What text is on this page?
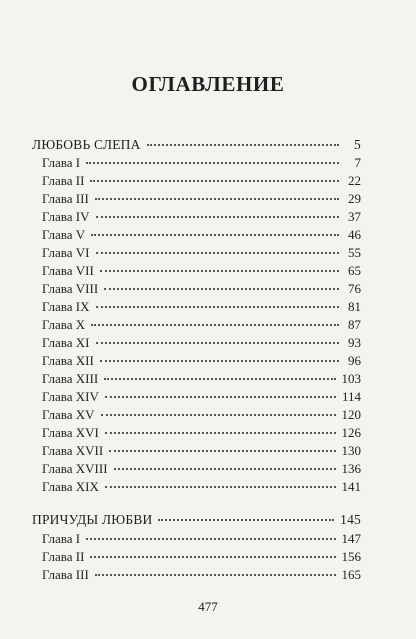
ОГЛАВЛЕНИЕ
ЛЮБОВЬ СЛЕПА	5
Глава I	7
Глава II	22
Глава III	29
Глава IV	37
Глава V	46
Глава VI	55
Глава VII	65
Глава VIII	76
Глава IX	81
Глава X	87
Глава XI	93
Глава XII	96
Глава XIII	103
Глава XIV	114
Глава XV	120
Глава XVI	126
Глава XVII	130
Глава XVIII	136
Глава XIX	141
ПРИЧУДЫ ЛЮБВИ	145
Глава I	147
Глава II	156
Глава III	165
477
